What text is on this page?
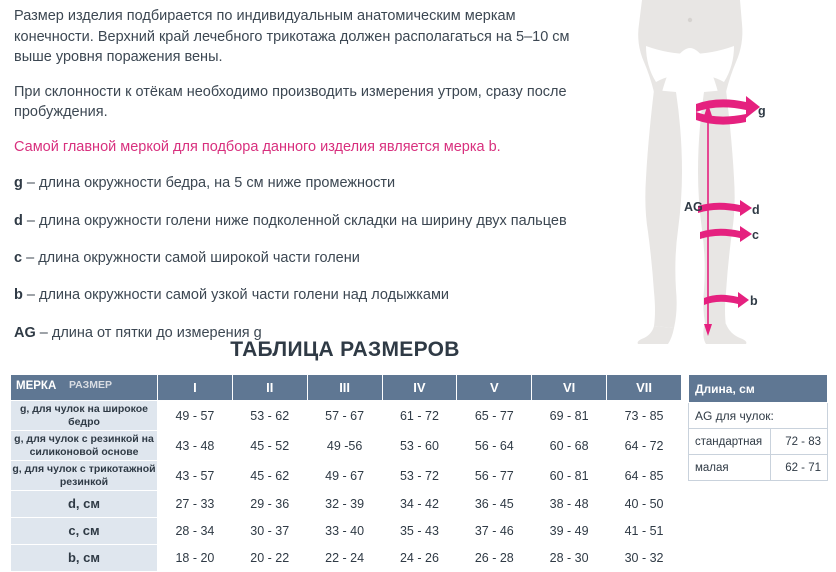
Размер изделия подбирается по индивидуальным анатомическим меркам конечности. Верхний край лечебного трикотажа должен располагаться на 5–10 см выше уровня поражения вены.

При склонности к отёкам необходимо производить измерения утром, сразу после пробуждения.

Самой главной меркой для подбора данного изделия является мерка b.

g – длина окружности бедра, на 5 см ниже промежности

d – длина окружности голени ниже подколенной складки на ширину двух пальцев

c – длина окружности самой широкой части голени

b – длина окружности самой узкой части голени над лодыжками

AG – длина от пятки до измерения g

g
d
c
b
AG
ТАБЛИЦА РАЗМЕРОВ
МЕРКА РАЗМЕР	I	II	III	IV	V	VI	VII
g, для чулок на широкое бедро	49 - 57	53 - 62	57 - 67	61 - 72	65 - 77	69 - 81	73 - 85
g, для чулок с резинкой на силиконовой основе	43 - 48	45 - 52	49 -56	53 - 60	56 - 64	60 - 68	64 - 72
g, для чулок с трикотажной резинкой	43 - 57	45 - 62	49 - 67	53 - 72	56 - 77	60 - 81	64 - 85
d, см	27 - 33	29 - 36	32 - 39	34 - 42	36 - 45	38 - 48	40 - 50
c, см	28 - 34	30 - 37	33 - 40	35 - 43	37 - 46	39 - 49	41 - 51
b, см	18 - 20	20 - 22	22 - 24	24 - 26	26 - 28	28 - 30	30 - 32
Длина, см	
AG для чулок:	
стандартная	72 - 83
малая	62 - 71
